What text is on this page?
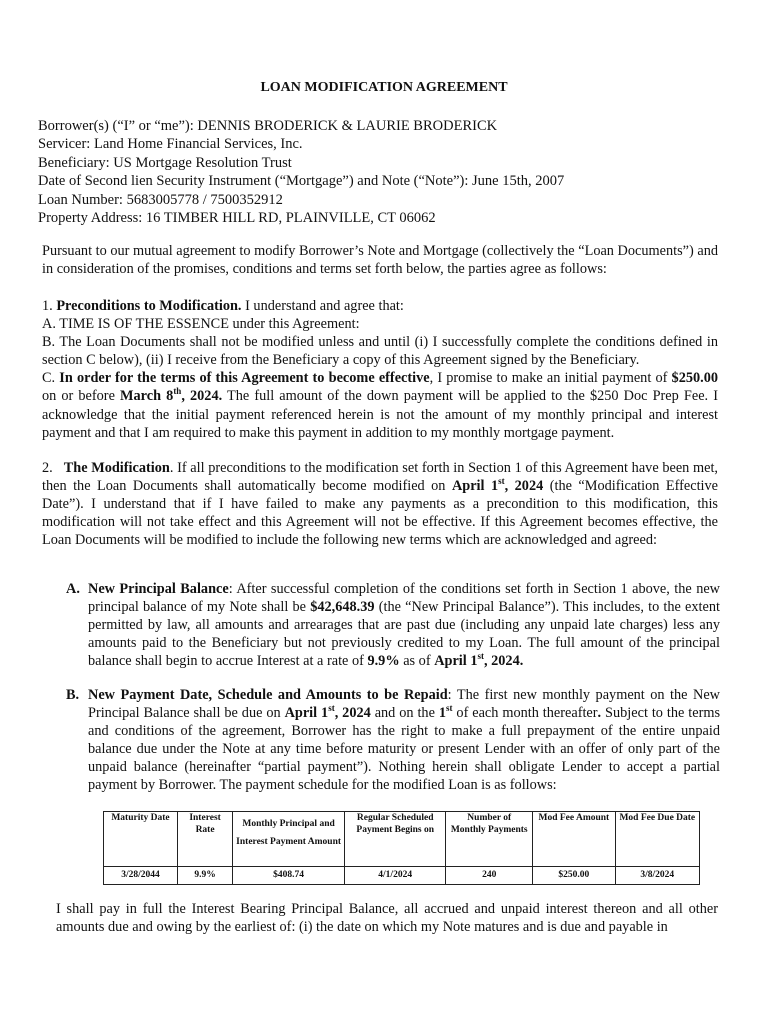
LOAN MODIFICATION AGREEMENT
Borrower(s) (“I” or “me”): DENNIS BRODERICK & LAURIE BRODERICK
Servicer: Land Home Financial Services, Inc.
Beneficiary: US Mortgage Resolution Trust
Date of Second lien Security Instrument (“Mortgage”) and Note (“Note”): June 15th, 2007
Loan Number: 5683005778 / 7500352912
Property Address: 16 TIMBER HILL RD, PLAINVILLE, CT 06062
Pursuant to our mutual agreement to modify Borrower’s Note and Mortgage (collectively the “Loan Documents”) and in consideration of the promises, conditions and terms set forth below, the parties agree as follows:
1. Preconditions to Modification. I understand and agree that:
A. TIME IS OF THE ESSENCE under this Agreement:
B. The Loan Documents shall not be modified unless and until (i) I successfully complete the conditions defined in section C below), (ii) I receive from the Beneficiary a copy of this Agreement signed by the Beneficiary.
C. In order for the terms of this Agreement to become effective, I promise to make an initial payment of $250.00 on or before March 8th, 2024. The full amount of the down payment will be applied to the $250 Doc Prep Fee. I acknowledge that the initial payment referenced herein is not the amount of my monthly principal and interest payment and that I am required to make this payment in addition to my monthly mortgage payment.
2. The Modification. If all preconditions to the modification set forth in Section 1 of this Agreement have been met, then the Loan Documents shall automatically become modified on April 1st, 2024 (the “Modification Effective Date”). I understand that if I have failed to make any payments as a precondition to this modification, this modification will not take effect and this Agreement will not be effective. If this Agreement becomes effective, the Loan Documents will be modified to include the following new terms which are acknowledged and agreed:
A. New Principal Balance: After successful completion of the conditions set forth in Section 1 above, the new principal balance of my Note shall be $42,648.39 (the “New Principal Balance”). This includes, to the extent permitted by law, all amounts and arrearages that are past due (including any unpaid late charges) less any amounts paid to the Beneficiary but not previously credited to my Loan. The full amount of the principal balance shall begin to accrue Interest at a rate of 9.9% as of April 1st, 2024.
B. New Payment Date, Schedule and Amounts to be Repaid: The first new monthly payment on the New Principal Balance shall be due on April 1st, 2024 and on the 1st of each month thereafter. Subject to the terms and conditions of the agreement, Borrower has the right to make a full prepayment of the entire unpaid balance due under the Note at any time before maturity or present Lender with an offer of only part of the unpaid balance (hereinafter “partial payment”). Nothing herein shall obligate Lender to accept a partial payment by Borrower. The payment schedule for the modified Loan is as follows:
Maturity Date	Interest Rate	Monthly Principal and Interest Payment Amount	Regular Scheduled Payment Begins on	Number of Monthly Payments	Mod Fee Amount	Mod Fee Due Date
3/28/2044	9.9%	$408.74	4/1/2024	240	$250.00	3/8/2024
I shall pay in full the Interest Bearing Principal Balance, all accrued and unpaid interest thereon and all other amounts due and owing by the earliest of: (i) the date on which my Note matures and is due and payable in
